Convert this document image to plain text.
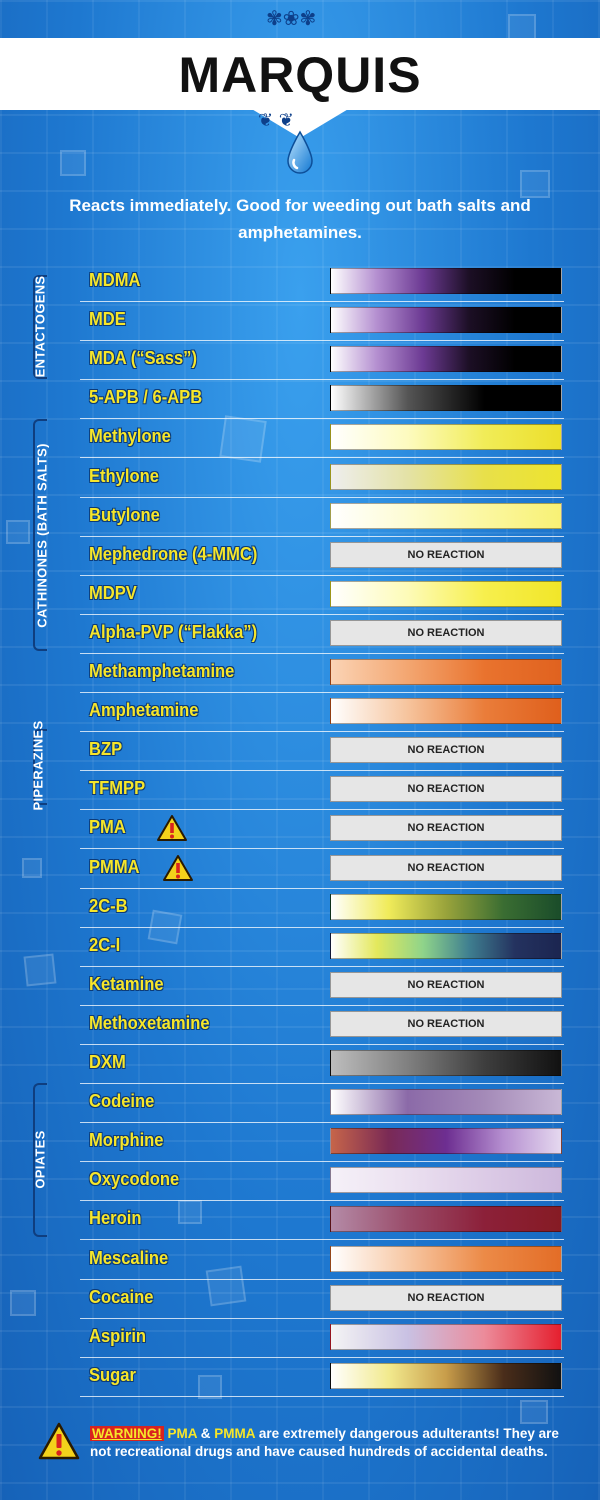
✾❀✾
❦ ❦
MARQUIS

Reacts immediately. Good for weeding out bath salts and amphetamines.

ENTACTOGENS
CATHINONES (BATH SALTS)
PIPERAZINES
OPIATES
MDMA
MDE
MDA (“Sass”)
5-APB / 6-APB
Methylone
Ethylone
Butylone
Mephedrone (4-MMC)	NO REACTION
MDPV
Alpha-PVP (“Flakka”)	NO REACTION
Methamphetamine
Amphetamine
BZP	NO REACTION
TFMPP	NO REACTION
PMA	NO REACTION
PMMA	NO REACTION
2C-B
2C-I
Ketamine	NO REACTION
Methoxetamine	NO REACTION
DXM
Codeine
Morphine
Oxycodone
Heroin
Mescaline
Cocaine	NO REACTION
Aspirin
Sugar

WARNING! PMA & PMMA are extremely dangerous adulterants! They are not recreational drugs and have caused hundreds of accidental deaths.
